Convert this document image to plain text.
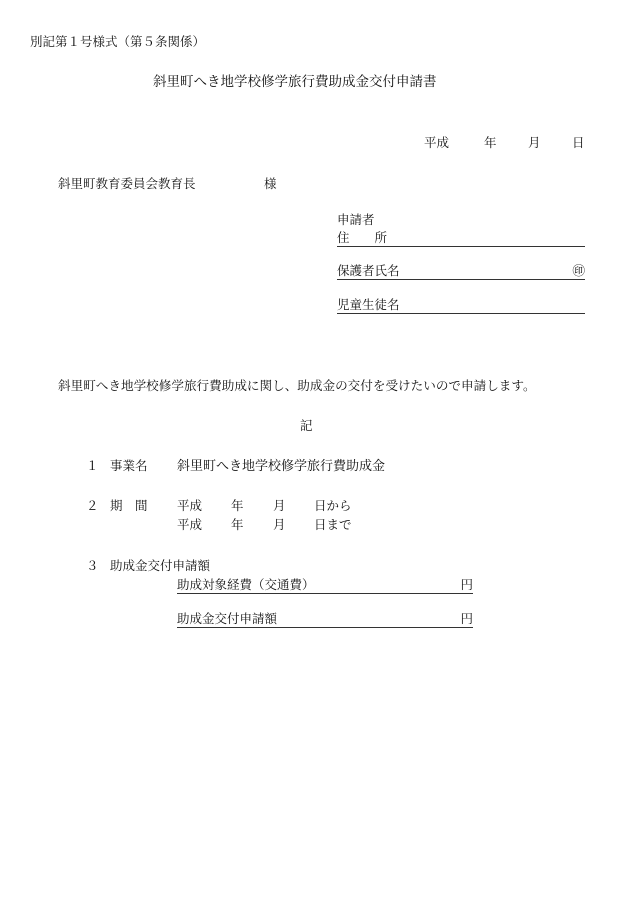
別記第１号様式（第５条関係）
斜里町へき地学校修学旅行費助成金交付申請書
平成	年	月	日
斜里町教育委員会教育長	様
申請者
住　　所
保護者氏名	㊞
児童生徒名
斜里町へき地学校修学旅行費助成に関し、助成金の交付を受けたいので申請します。
記
１ 事業名 斜里町へき地学校修学旅行費助成金
２ 期　間 平成 年 月 日から
平成 年 月 日まで
３ 助成金交付申請額
助成対象経費（交通費）	円
助成金交付申請額	円
